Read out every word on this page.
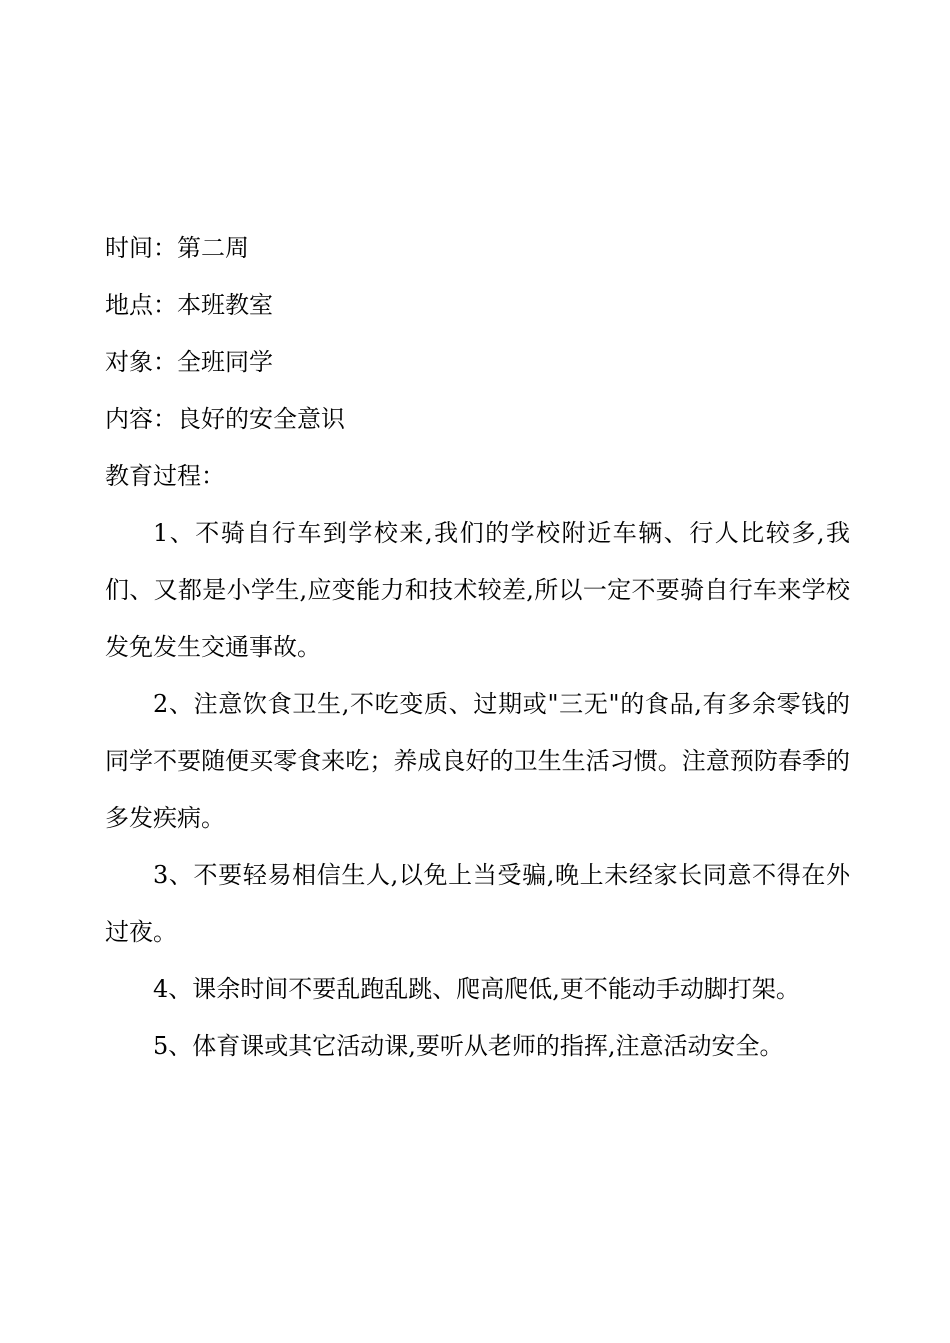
时间：第二周

地点：本班教室

对象：全班同学

内容：良好的安全意识

教育过程：

1、不骑自行车到学校来,我们的学校附近车辆、行人比较多,我们、又都是小学生,应变能力和技术较差,所以一定不要骑自行车来学校发免发生交通事故。

2、注意饮食卫生,不吃变质、过期或"三无"的食品,有多余零钱的同学不要随便买零食来吃；养成良好的卫生生活习惯。注意预防春季的多发疾病。

3、不要轻易相信生人,以免上当受骗,晚上未经家长同意不得在外过夜。

4、课余时间不要乱跑乱跳、爬高爬低,更不能动手动脚打架。

5、体育课或其它活动课,要听从老师的指挥,注意活动安全。
